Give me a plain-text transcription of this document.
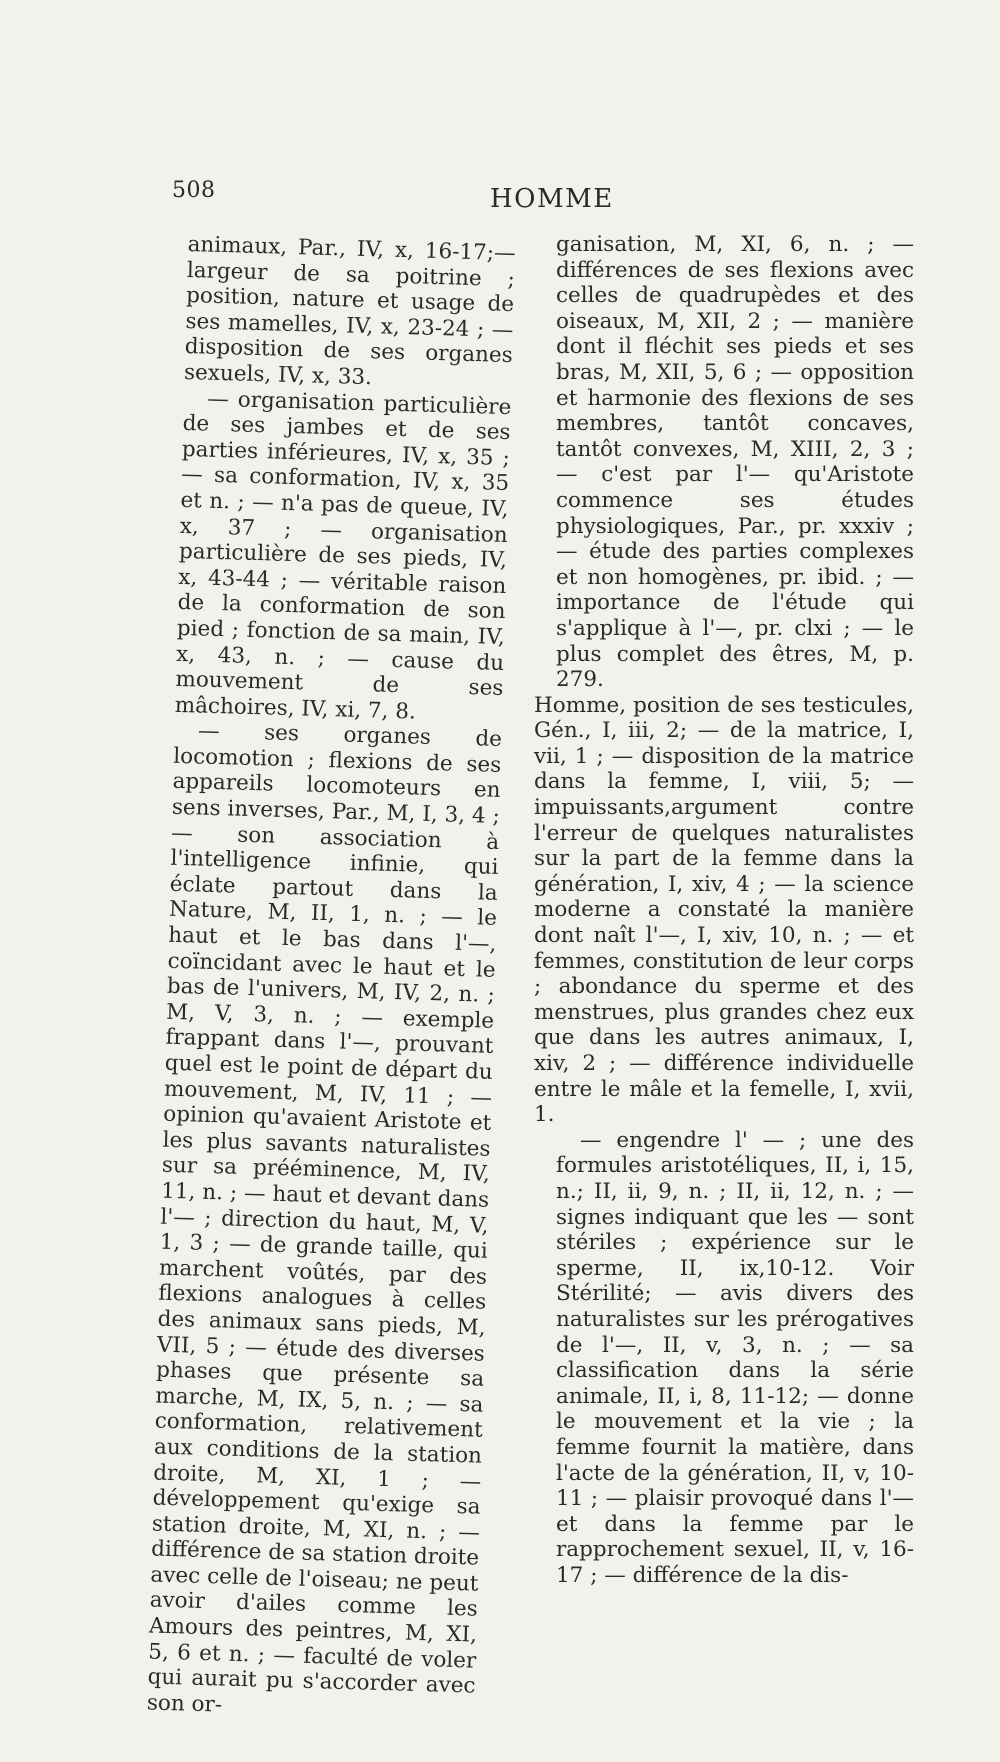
508	HOMME

animaux, Par., IV, x, 16-17;— largeur de sa poitrine ; position, nature et usage de ses mamelles, IV, x, 23-24 ; — disposition de ses organes sexuels, IV, x, 33.

— organisation particulière de ses jambes et de ses parties inférieures, IV, x, 35 ; — sa conformation, IV, x, 35 et n. ; — n'a pas de queue, IV, x, 37 ; — organisation particulière de ses pieds, IV, x, 43-44 ; — véritable raison de la conformation de son pied ; fonction de sa main, IV, x, 43, n. ; — cause du mouvement de ses mâchoires, IV, xi, 7, 8.

— ses organes de locomotion ; flexions de ses appareils locomoteurs en sens inverses, Par., M, I, 3, 4 ; — son association à l'intelligence infinie, qui éclate partout dans la Nature, M, II, 1, n. ; — le haut et le bas dans l'—, coïncidant avec le haut et le bas de l'univers, M, IV, 2, n. ; M, V, 3, n. ; — exemple frappant dans l'—, prouvant quel est le point de départ du mouvement, M, IV, 11 ; — opinion qu'avaient Aristote et les plus savants naturalistes sur sa prééminence, M, IV, 11, n. ; — haut et devant dans l'— ; direction du haut, M, V, 1, 3 ; — de grande taille, qui marchent voûtés, par des flexions analogues à celles des animaux sans pieds, M, VII, 5 ; — étude des diverses phases que présente sa marche, M, IX, 5, n. ; — sa conformation, relativement aux conditions de la station droite, M, XI, 1 ; — développement qu'exige sa station droite, M, XI, n. ; — différence de sa station droite avec celle de l'oiseau; ne peut avoir d'ailes comme les Amours des peintres, M, XI, 5, 6 et n. ; — faculté de voler qui aurait pu s'accorder avec son or-

ganisation, M, XI, 6, n. ; — différences de ses flexions avec celles de quadrupèdes et des oiseaux, M, XII, 2 ; — manière dont il fléchit ses pieds et ses bras, M, XII, 5, 6 ; — opposition et harmonie des flexions de ses membres, tantôt concaves, tantôt convexes, M, XIII, 2, 3 ; — c'est par l'— qu'Aristote commence ses études physiologiques, Par., pr. xxxiv ; — étude des parties complexes et non homogènes, pr. ibid. ; — importance de l'étude qui s'applique à l'—, pr. clxi ; — le plus complet des êtres, M, p. 279.

Homme, position de ses testicules, Gén., I, iii, 2; — de la matrice, I, vii, 1 ; — disposition de la matrice dans la femme, I, viii, 5; — impuissants,argument contre l'erreur de quelques naturalistes sur la part de la femme dans la génération, I, xiv, 4 ; — la science moderne a constaté la manière dont naît l'—, I, xiv, 10, n. ; — et femmes, constitution de leur corps ; abondance du sperme et des menstrues, plus grandes chez eux que dans les autres animaux, I, xiv, 2 ; — différence individuelle entre le mâle et la femelle, I, xvii, 1.

— engendre l' — ; une des formules aristotéliques, II, i, 15, n.; II, ii, 9, n. ; II, ii, 12, n. ; — signes indiquant que les — sont stériles ; expérience sur le sperme, II, ix,10-12. Voir Stérilité; — avis divers des naturalistes sur les prérogatives de l'—, II, v, 3, n. ; — sa classification dans la série animale, II, i, 8, 11-12; — donne le mouvement et la vie ; la femme fournit la matière, dans l'acte de la génération, II, v, 10-11 ; — plaisir provoqué dans l'— et dans la femme par le rapprochement sexuel, II, v, 16-17 ; — différence de la dis-
